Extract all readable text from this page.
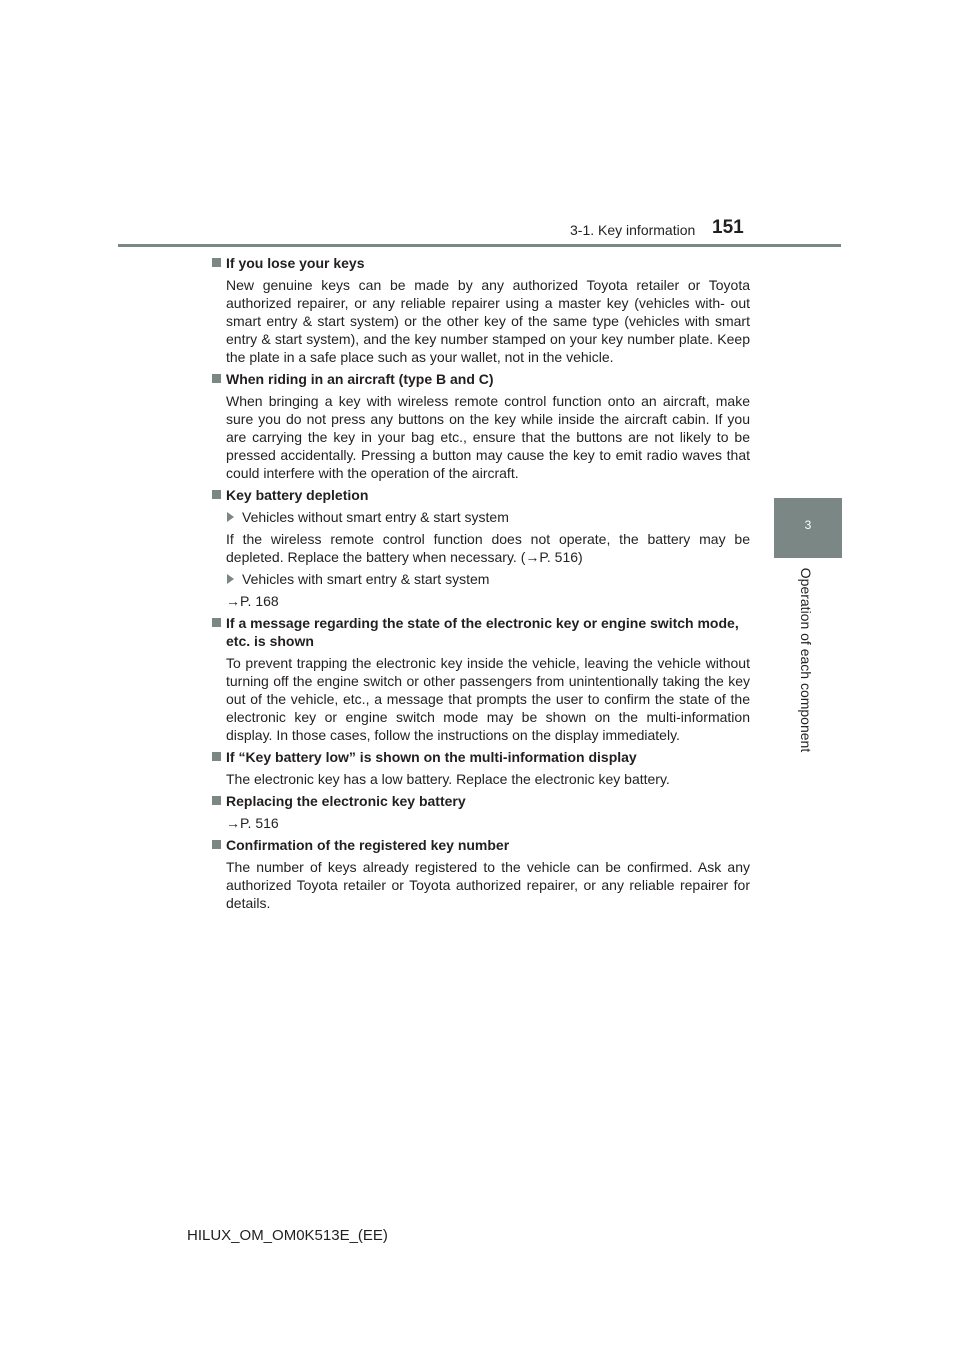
3-1. Key information 151
3
Operation of each component
If you lose your keys
New genuine keys can be made by any authorized Toyota retailer or Toyota authorized repairer, or any reliable repairer using a master key (vehicles with- out smart entry & start system) or the other key of the same type (vehicles with smart entry & start system), and the key number stamped on your key number plate. Keep the plate in a safe place such as your wallet, not in the vehicle.
When riding in an aircraft (type B and C)
When bringing a key with wireless remote control function onto an aircraft, make sure you do not press any buttons on the key while inside the aircraft cabin. If you are carrying the key in your bag etc., ensure that the buttons are not likely to be pressed accidentally. Pressing a button may cause the key to emit radio waves that could interfere with the operation of the aircraft.
Key battery depletion
Vehicles without smart entry & start system
If the wireless remote control function does not operate, the battery may be depleted. Replace the battery when necessary. (→P. 516)
Vehicles with smart entry & start system
→P. 168
If a message regarding the state of the electronic key or engine switch mode, etc. is shown
To prevent trapping the electronic key inside the vehicle, leaving the vehicle without turning off the engine switch or other passengers from unintentionally taking the key out of the vehicle, etc., a message that prompts the user to confirm the state of the electronic key or engine switch mode may be shown on the multi-information display. In those cases, follow the instructions on the display immediately.
If “Key battery low” is shown on the multi-information display
The electronic key has a low battery. Replace the electronic key battery.
Replacing the electronic key battery
→P. 516
Confirmation of the registered key number
The number of keys already registered to the vehicle can be confirmed. Ask any authorized Toyota retailer or Toyota authorized repairer, or any reliable repairer for details.
HILUX_OM_OM0K513E_(EE)
